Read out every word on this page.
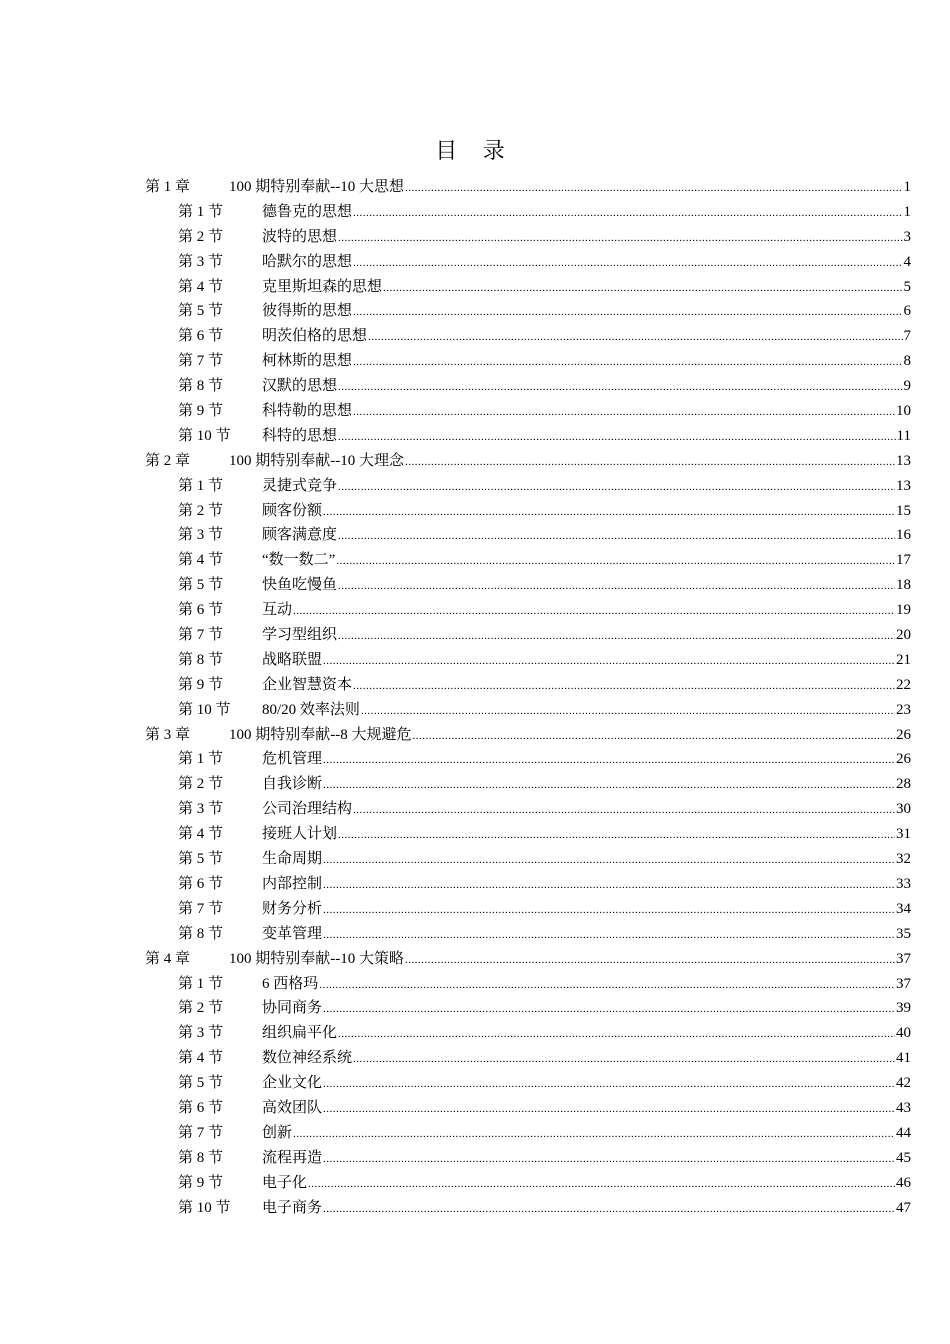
目 录
第 1 章	100 期特别奉献--10 大思想 .....	1
第 1 节	德鲁克的思想 .....	1
第 2 节	波特的思想 .....	3
第 3 节	哈默尔的思想 .....	4
第 4 节	克里斯坦森的思想 .....	5
第 5 节	彼得斯的思想 .....	6
第 6 节	明茨伯格的思想 .....	7
第 7 节	柯林斯的思想 .....	8
第 8 节	汉默的思想 .....	9
第 9 节	科特勒的思想 .....	10
第 10 节	科特的思想 .....	11
第 2 章	100 期特别奉献--10 大理念 .....	13
第 1 节	灵捷式竞争 .....	13
第 2 节	顾客份额 .....	15
第 3 节	顾客满意度 .....	16
第 4 节	“数一数二” .....	17
第 5 节	快鱼吃慢鱼 .....	18
第 6 节	互动 .....	19
第 7 节	学习型组织 .....	20
第 8 节	战略联盟 .....	21
第 9 节	企业智慧资本 .....	22
第 10 节	80/20 效率法则 .....	23
第 3 章	100 期特别奉献--8 大规避危 .....	26
第 1 节	危机管理 .....	26
第 2 节	自我诊断 .....	28
第 3 节	公司治理结构 .....	30
第 4 节	接班人计划 .....	31
第 5 节	生命周期 .....	32
第 6 节	内部控制 .....	33
第 7 节	财务分析 .....	34
第 8 节	变革管理 .....	35
第 4 章	100 期特别奉献--10 大策略 .....	37
第 1 节	6 西格玛 .....	37
第 2 节	协同商务 .....	39
第 3 节	组织扁平化 .....	40
第 4 节	数位神经系统 .....	41
第 5 节	企业文化 .....	42
第 6 节	高效团队 .....	43
第 7 节	创新 .....	44
第 8 节	流程再造 .....	45
第 9 节	电子化 .....	46
第 10 节	电子商务 .....	47
